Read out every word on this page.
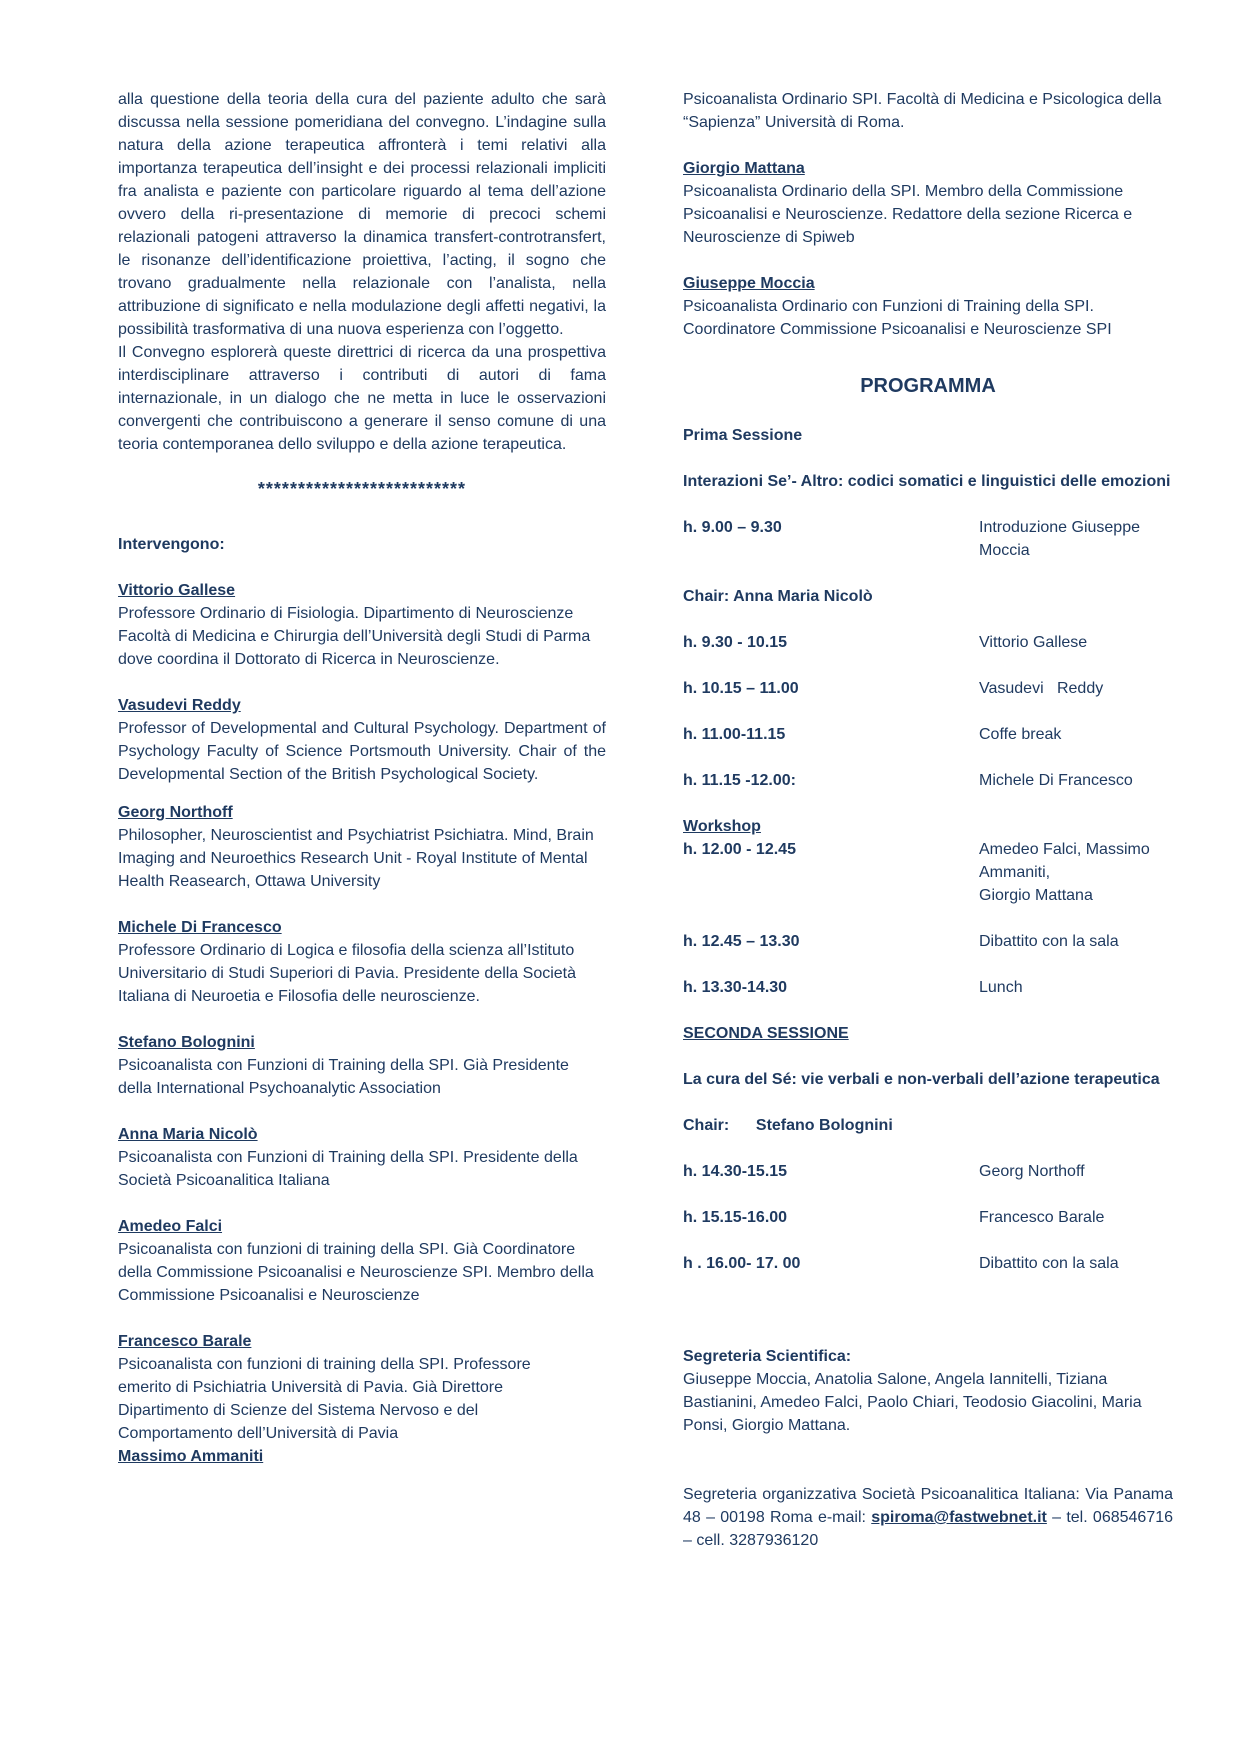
alla questione della teoria della cura del paziente adulto che sarà discussa nella sessione pomeridiana del convegno. L’indagine sulla natura della azione terapeutica affronterà i temi relativi alla importanza terapeutica dell’insight e dei processi relazionali impliciti fra analista e paziente con particolare riguardo al tema dell’azione ovvero della ri-presentazione di memorie di precoci schemi relazionali patogeni attraverso la dinamica transfert-controtransfert, le risonanze dell’identificazione proiettiva, l’acting, il sogno che trovano gradualmente nella relazionale con l’analista, nella attribuzione di significato e nella modulazione degli affetti negativi, la possibilità trasformativa di una nuova esperienza con l’oggetto.

Il Convegno esplorerà queste direttrici di ricerca da una prospettiva interdisciplinare attraverso i contributi di autori di fama internazionale, in un dialogo che ne metta in luce le osservazioni convergenti che contribuiscono a generare il senso comune di una teoria contemporanea dello sviluppo e della azione terapeutica.

**************************

Intervengono:

Vittorio Gallese
Professore Ordinario di Fisiologia. Dipartimento di Neuroscienze Facoltà di Medicina e Chirurgia dell’Università degli Studi di Parma dove coordina il Dottorato di Ricerca in Neuroscienze.
Vasudevi Reddy
Professor of Developmental and Cultural Psychology. Department of Psychology Faculty of Science Portsmouth University. Chair of the Developmental Section of the British Psychological Society.
Georg Northoff
Philosopher, Neuroscientist and Psychiatrist Psichiatra. Mind, Brain Imaging and Neuroethics Research Unit - Royal Institute of Mental Health Reasearch, Ottawa University
Michele Di Francesco
Professore Ordinario di Logica e filosofia della scienza all’Istituto Universitario di Studi Superiori di Pavia. Presidente della Società Italiana di Neuroetia e Filosofia delle neuroscienze.
Stefano Bolognini
Psicoanalista con Funzioni di Training della SPI. Già Presidente della International Psychoanalytic Association
Anna Maria Nicolò
Psicoanalista con Funzioni di Training della SPI. Presidente della Società Psicoanalitica Italiana
Amedeo Falci
Psicoanalista con funzioni di training della SPI. Già Coordinatore della Commissione Psicoanalisi e Neuroscienze SPI. Membro della Commissione Psicoanalisi e Neuroscienze
Francesco Barale
Psicoanalista con funzioni di training della SPI. Professore emerito di Psichiatria Università di Pavia. Già Direttore Dipartimento di Scienze del Sistema Nervoso e del Comportamento dell’Università di Pavia
Massimo Ammaniti
Psicoanalista Ordinario SPI. Facoltà di Medicina e Psicologica della “Sapienza” Università di Roma.
Giorgio Mattana
Psicoanalista Ordinario della SPI. Membro della Commissione Psicoanalisi e Neuroscienze. Redattore della sezione Ricerca e Neuroscienze di Spiweb
Giuseppe Moccia
Psicoanalista Ordinario con Funzioni di Training della SPI. Coordinatore Commissione Psicoanalisi e Neuroscienze SPI
PROGRAMMA

Prima Sessione

Interazioni Se’- Altro: codici somatici e linguistici delle emozioni

h. 9.00 – 9.30	Introduzione Giuseppe Moccia

Chair: Anna Maria Nicolò

h. 9.30 - 10.15	Vittorio Gallese
h. 10.15 – 11.00	Vasudevi   Reddy
h. 11.00-11.15	Coffe break
h. 11.15 -12.00:	Michele Di Francesco

Workshop

h. 12.00 - 12.45	Amedeo Falci, Massimo Ammaniti,
Giorgio Mattana
h. 12.45 – 13.30	Dibattito con la sala
h. 13.30-14.30	Lunch

SECONDA SESSIONE

La cura del Sé: vie verbali e non-verbali dell’azione terapeutica

Chair:      Stefano Bolognini

h. 14.30-15.15	Georg Northoff
h. 15.15-16.00	Francesco Barale
h . 16.00- 17. 00	Dibattito con la sala

Segreteria Scientifica:

Giuseppe Moccia, Anatolia Salone, Angela Iannitelli, Tiziana Bastianini, Amedeo Falci, Paolo Chiari, Teodosio Giacolini, Maria Ponsi, Giorgio Mattana.

Segreteria organizzativa Società Psicoanalitica Italiana: Via Panama 48 – 00198 Roma e-mail: spiroma@fastwebnet.it – tel. 068546716 – cell. 3287936120
